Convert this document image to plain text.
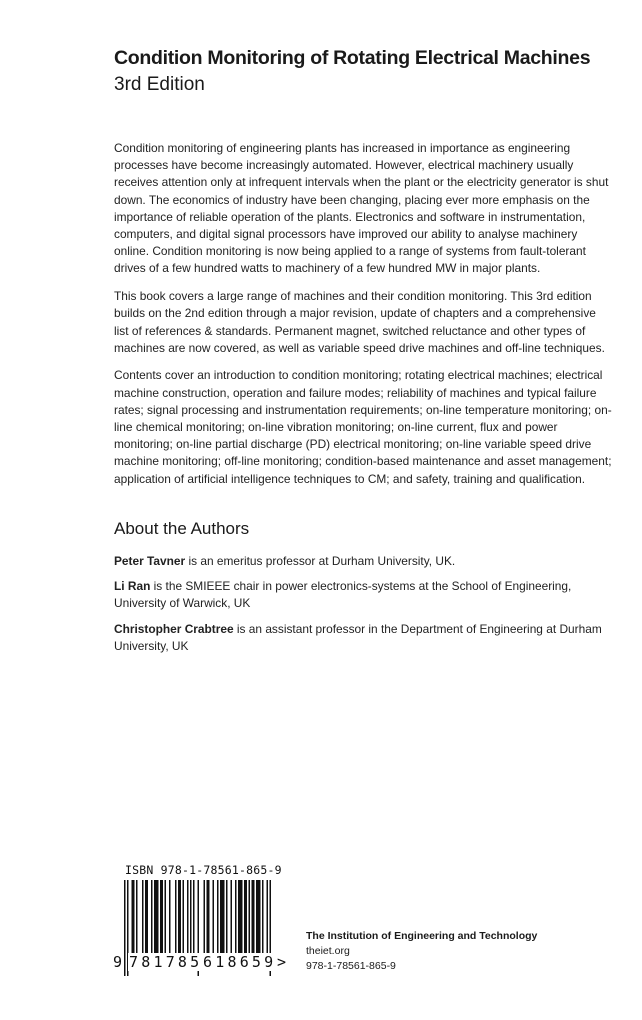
Condition Monitoring of Rotating Electrical Machines
3rd Edition

Condition monitoring of engineering plants has increased in importance as engineering processes have become increasingly automated. However, electrical machinery usually receives attention only at infrequent intervals when the plant or the electricity generator is shut down. The economics of industry have been changing, placing ever more emphasis on the importance of reliable operation of the plants. Electronics and software in instrumentation, computers, and digital signal processors have improved our ability to analyse machinery online. Condition monitoring is now being applied to a range of systems from fault-tolerant drives of a few hundred watts to machinery of a few hundred MW in major plants.

This book covers a large range of machines and their condition monitoring. This 3rd edition builds on the 2nd edition through a major revision, update of chapters and a comprehensive list of references & standards. Permanent magnet, switched reluctance and other types of machines are now covered, as well as variable speed drive machines and off-line techniques.

Contents cover an introduction to condition monitoring; rotating electrical machines; electrical machine construction, operation and failure modes; reliability of machines and typical failure rates; signal processing and instrumentation requirements; on-line temperature monitoring; on-line chemical monitoring; on-line vibration monitoring; on-line current, flux and power monitoring; on-line partial discharge (PD) electrical monitoring; on-line variable speed drive machine monitoring; off-line monitoring; condition-based maintenance and asset management; application of artificial intelligence techniques to CM; and safety, training and qualification.

About the Authors

Peter Tavner is an emeritus professor at Durham University, UK.

Li Ran is the SMIEEE chair in power electronics-systems at the School of Engineering, University of Warwick, UK

Christopher Crabtree is an assistant professor in the Department of Engineering at Durham University, UK

ISBN 978-1-78561-865-9
9 781785 618659 >
The Institution of Engineering and Technology
theiet.org
978-1-78561-865-9
